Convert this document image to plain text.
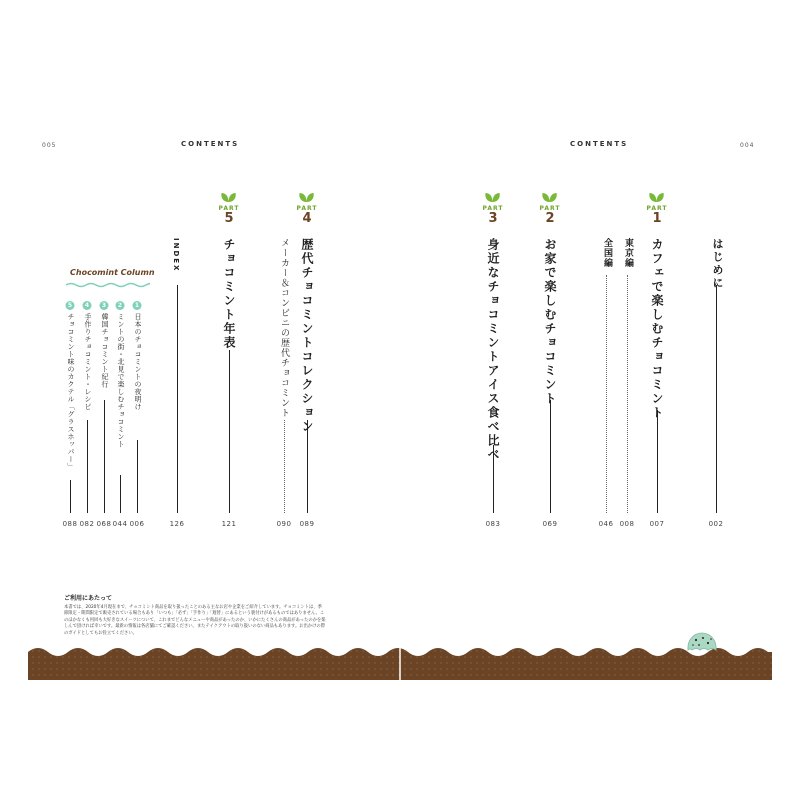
005	CONTENTS	CONTENTS	004
PART
5
チョコミント年表
121
PART
4
歴代チョコミントコレクション
089
メーカー＆コンビニの歴代チョコミント
090
INDEX
126
Chocomint Column
1
日本のチョコミントの夜明け
006
2
ミントの街・北見で楽しむチョコミント
044
3
韓国チョコミント紀行
068
4
手作りチョコミント・レシピ
082
5
チョコミント味のカクテル「グラスホッパー」
088
ご利用にあたって
本書では、2020年4月現在まで、チョコミント商品を取り扱ったことのある主なお店や企業をご紹介しています。チョコミントは、季節限定・期間限定で販売されている場合もあり「いつも」「必ず」「手作り」「週替」にあるという裏付けがあるものではありません。このほかなくも何回も大好きなスイーツについて、これまでどんなメニューや商品があったのか、いかにたくさんの商品があったのかを楽しんで頂ければ幸いです。最新の情報は各店舗にてご確認ください。またテイクアウトの取り扱いのない商品もあります。お出かけの際のガイドとしてもお役立てください。
はじめに
002
PART
1
カフェで楽しむチョコミント
007
東京編
008
全国編
046
PART
2
お家で楽しむチョコミント
069
PART
3
身近なチョコミントアイス食べ比べ
083
